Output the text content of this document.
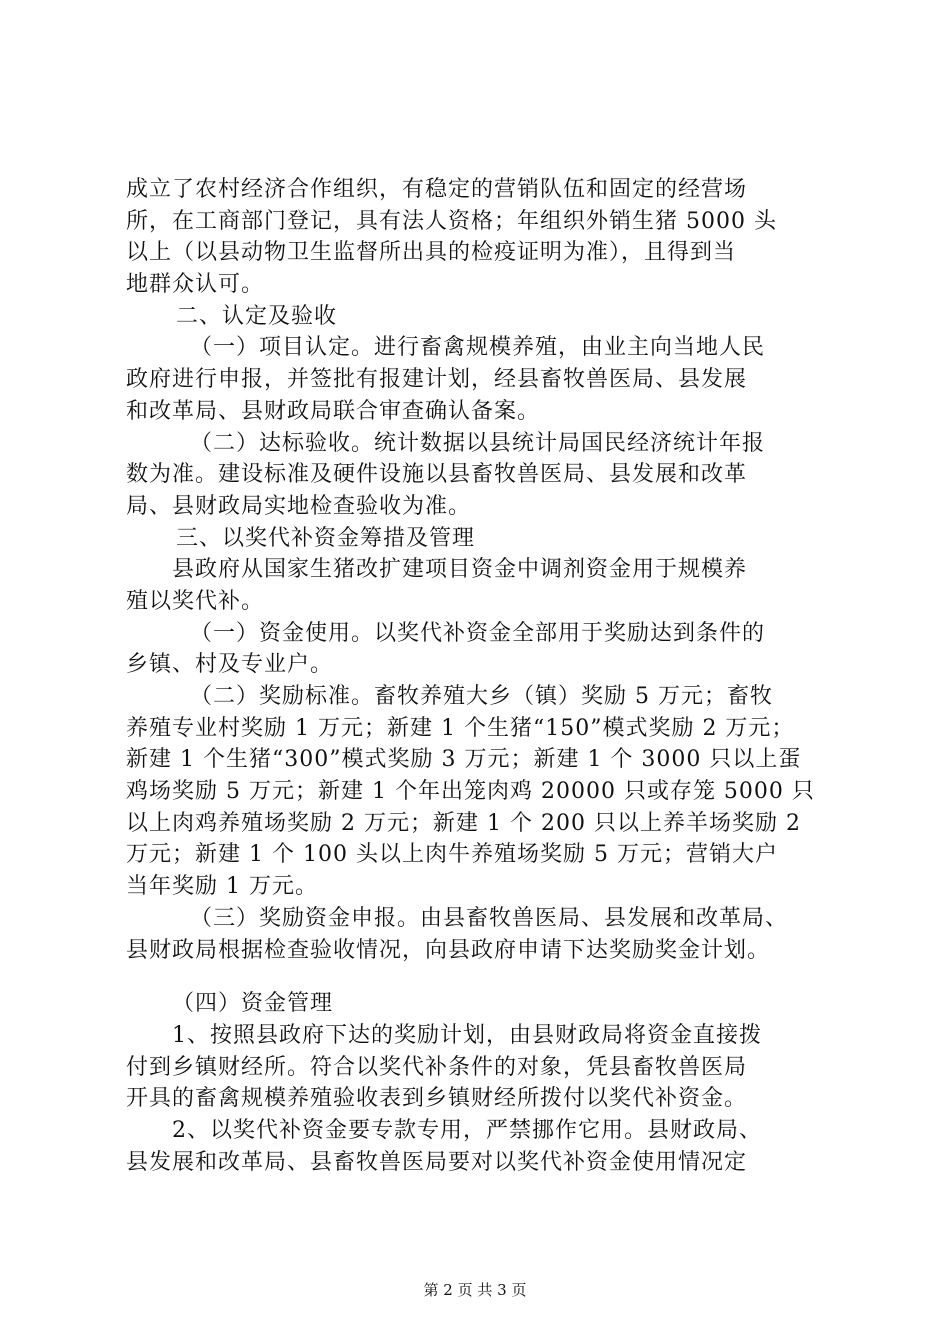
成立了农村经济合作组织，有稳定的营销队伍和固定的经营场
所，在工商部门登记，具有法人资格；年组织外销生猪 5000 头
以上（以县动物卫生监督所出具的检疫证明为准），且得到当
地群众认可。
二、认定及验收
（一）项目认定。进行畜禽规模养殖，由业主向当地人民
政府进行申报，并签批有报建计划，经县畜牧兽医局、县发展
和改革局、县财政局联合审查确认备案。
（二）达标验收。统计数据以县统计局国民经济统计年报
数为准。建设标准及硬件设施以县畜牧兽医局、县发展和改革
局、县财政局实地检查验收为准。
三、以奖代补资金筹措及管理
县政府从国家生猪改扩建项目资金中调剂资金用于规模养
殖以奖代补。
（一）资金使用。以奖代补资金全部用于奖励达到条件的
乡镇、村及专业户。
（二）奖励标准。畜牧养殖大乡（镇）奖励 5 万元；畜牧
养殖专业村奖励 1 万元；新建 1 个生猪“150”模式奖励 2 万元；
新建 1 个生猪“300”模式奖励 3 万元；新建 1 个 3000 只以上蛋
鸡场奖励 5 万元；新建 1 个年出笼肉鸡 20000 只或存笼 5000 只
以上肉鸡养殖场奖励 2 万元；新建 1 个 200 只以上养羊场奖励 2
万元；新建 1 个 100 头以上肉牛养殖场奖励 5 万元；营销大户
当年奖励 1 万元。
（三）奖励资金申报。由县畜牧兽医局、县发展和改革局、
县财政局根据检查验收情况，向县政府申请下达奖励奖金计划。
（四）资金管理
1、按照县政府下达的奖励计划，由县财政局将资金直接拨
付到乡镇财经所。符合以奖代补条件的对象，凭县畜牧兽医局
开具的畜禽规模养殖验收表到乡镇财经所拨付以奖代补资金。
2、以奖代补资金要专款专用，严禁挪作它用。县财政局、
县发展和改革局、县畜牧兽医局要对以奖代补资金使用情况定
第 2 页 共 3 页
